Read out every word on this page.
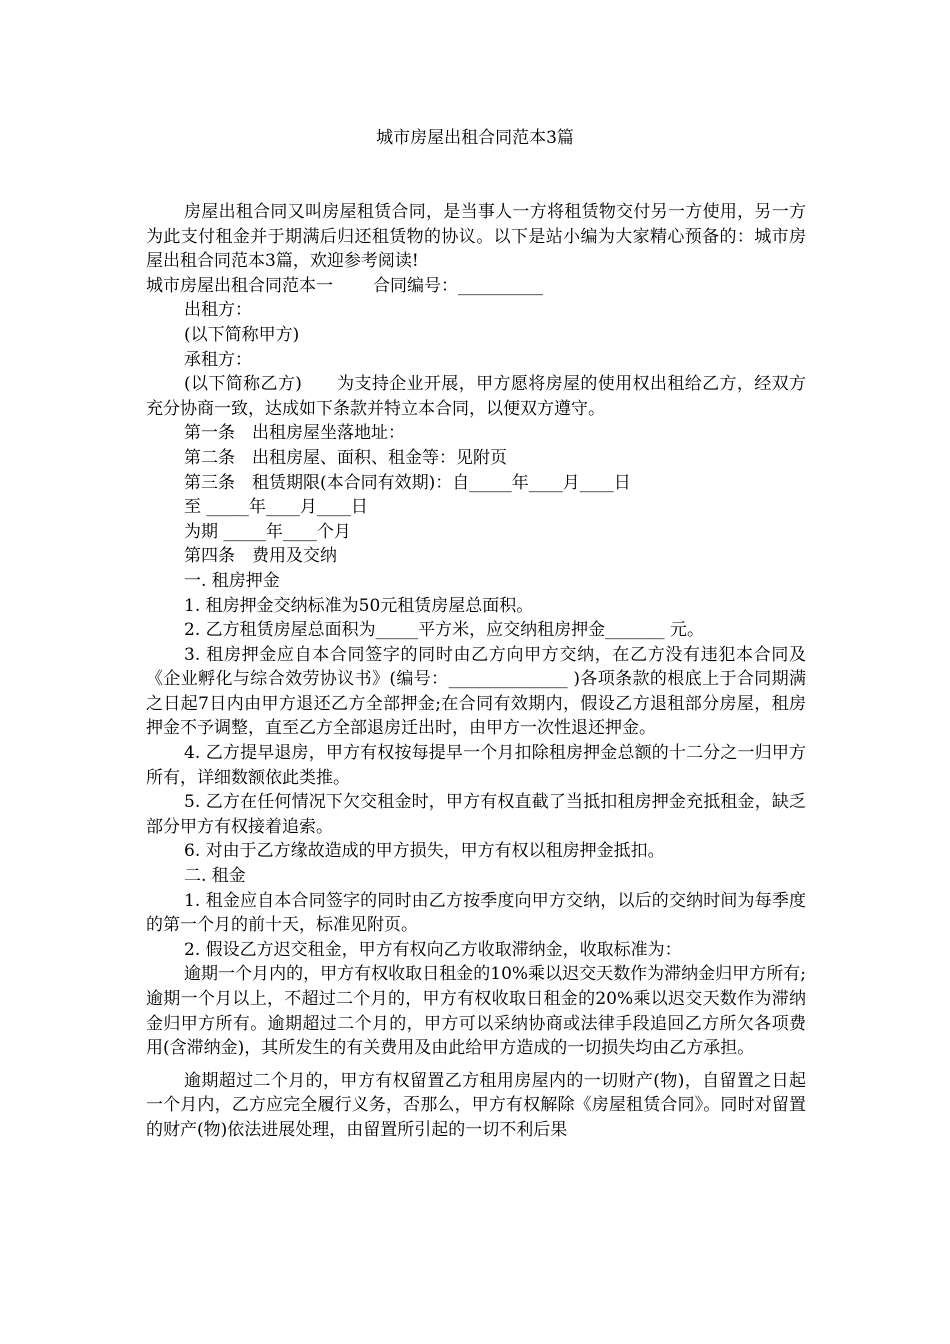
城市房屋出租合同范本3篇

房屋出租合同又叫房屋租赁合同，是当事人一方将租赁物交付另一方使用，另一方为此支付租金并于期满后归还租赁物的协议。以下是站小编为大家精心预备的：城市房屋出租合同范本3篇，欢迎参考阅读!

城市房屋出租合同范本一 合同编号：__________

出租方：

(以下简称甲方)

承租方：

(以下简称乙方)　　为支持企业开展，甲方愿将房屋的使用权出租给乙方，经双方充分协商一致，达成如下条款并特立本合同，以便双方遵守。

第一条　出租房屋坐落地址：

第二条　出租房屋、面积、租金等：见附页

第三条　租赁期限(本合同有效期)：自_____年____月____日

至 _____年____月____日

为期 _____年____个月

第四条　费用及交纳

一. 租房押金

1. 租房押金交纳标准为50元租赁房屋总面积。

2. 乙方租赁房屋总面积为_____平方米，应交纳租房押金_______ 元。

3. 租房押金应自本合同签字的同时由乙方向甲方交纳，在乙方没有违犯本合同及《企业孵化与综合效劳协议书》(编号：______________ )各项条款的根底上于合同期满之日起7日内由甲方退还乙方全部押金;在合同有效期内，假设乙方退租部分房屋，租房押金不予调整，直至乙方全部退房迁出时，由甲方一次性退还押金。

4. 乙方提早退房，甲方有权按每提早一个月扣除租房押金总额的十二分之一归甲方所有，详细数额依此类推。

5. 乙方在任何情况下欠交租金时，甲方有权直截了当抵扣租房押金充抵租金，缺乏部分甲方有权接着追索。

6. 对由于乙方缘故造成的甲方损失，甲方有权以租房押金抵扣。

二. 租金

1. 租金应自本合同签字的同时由乙方按季度向甲方交纳，以后的交纳时间为每季度的第一个月的前十天，标准见附页。

2. 假设乙方迟交租金，甲方有权向乙方收取滞纳金，收取标准为：

逾期一个月内的，甲方有权收取日租金的10%乘以迟交天数作为滞纳金归甲方所有;逾期一个月以上，不超过二个月的，甲方有权收取日租金的20%乘以迟交天数作为滞纳金归甲方所有。逾期超过二个月的，甲方可以采纳协商或法律手段追回乙方所欠各项费用(含滞纳金)，其所发生的有关费用及由此给甲方造成的一切损失均由乙方承担。

逾期超过二个月的，甲方有权留置乙方租用房屋内的一切财产(物)，自留置之日起一个月内，乙方应完全履行义务，否那么，甲方有权解除《房屋租赁合同》。同时对留置的财产(物)依法进展处理，由留置所引起的一切不利后果
